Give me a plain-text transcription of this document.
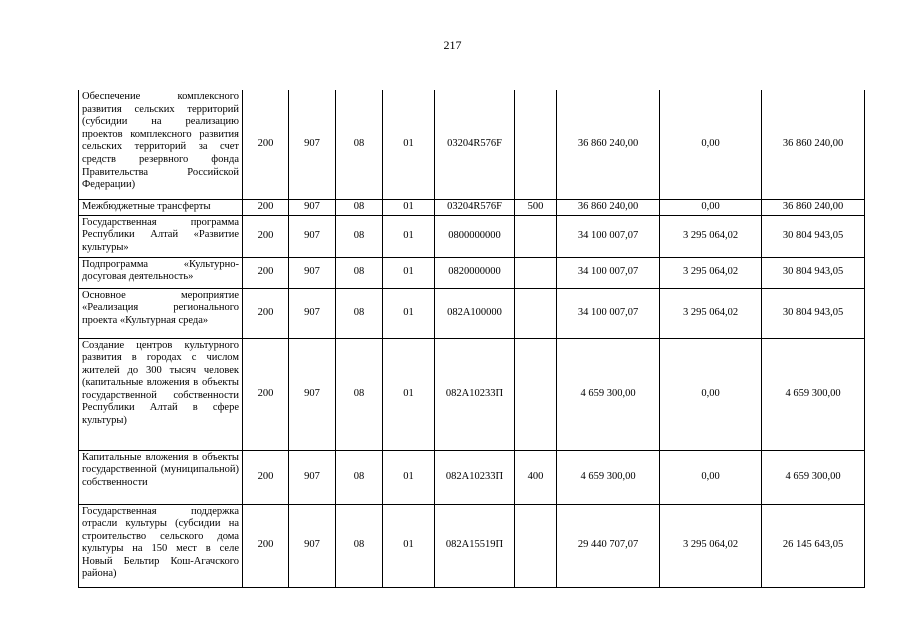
217
Обеспечение комплексного развития сельских территорий (субсидии на реализацию проектов комплексного развития сельских территорий за счет средств резервного фонда Правительства Российской Федерации)	200	907	08	01	03204R576F		36 860 240,00	0,00	36 860 240,00
Межбюджетные трансферты	200	907	08	01	03204R576F	500	36 860 240,00	0,00	36 860 240,00
Государственная программа Республики Алтай «Развитие культуры»	200	907	08	01	0800000000		34 100 007,07	3 295 064,02	30 804 943,05
Подпрограмма «Культурно-досуговая деятельность»	200	907	08	01	0820000000		34 100 007,07	3 295 064,02	30 804 943,05
Основное мероприятие «Реализация регионального проекта «Культурная среда»	200	907	08	01	082A100000		34 100 007,07	3 295 064,02	30 804 943,05
Создание центров культурного развития в городах с числом жителей до 300 тысяч человек (капитальные вложения в объекты государственной собственности Республики Алтай в сфере культуры)	200	907	08	01	082A10233П		4 659 300,00	0,00	4 659 300,00
Капитальные вложения в объекты государственной (муниципальной) собственности	200	907	08	01	082A10233П	400	4 659 300,00	0,00	4 659 300,00
Государственная поддержка отрасли культуры (субсидии на строительство сельского дома культуры на 150 мест в селе Новый Бельтир Кош-Агачского района)	200	907	08	01	082A15519П		29 440 707,07	3 295 064,02	26 145 643,05
